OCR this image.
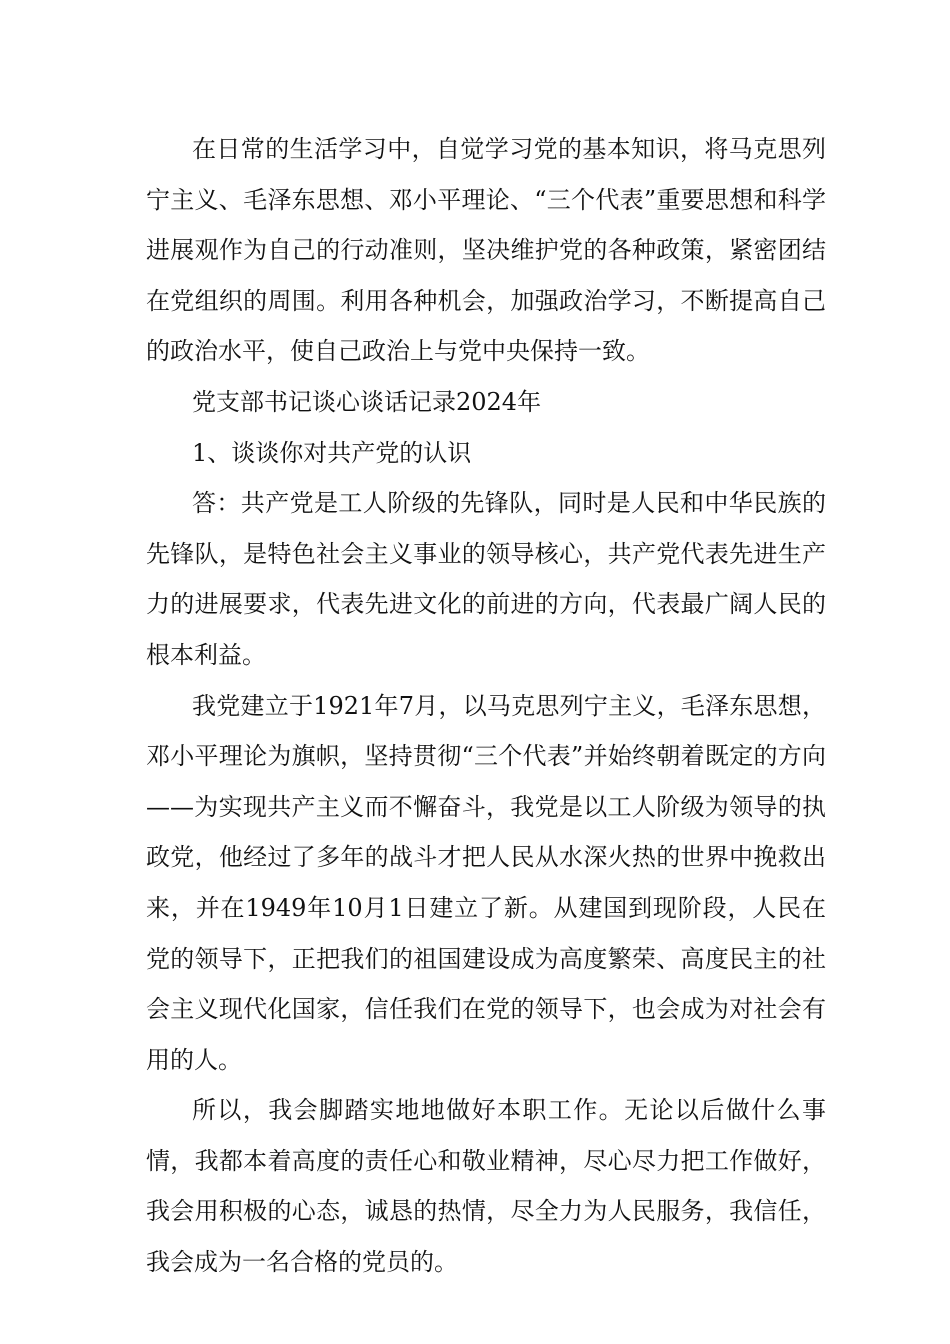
在日常的生活学习中，自觉学习党的基本知识，将马克思列宁主义、毛泽东思想、邓小平理论、“三个代表”重要思想和科学进展观作为自己的行动准则，坚决维护党的各种政策，紧密团结在党组织的周围。利用各种机会，加强政治学习，不断提高自己的政治水平，使自己政治上与党中央保持一致。

党支部书记谈心谈话记录2024年

1、谈谈你对共产党的认识

答：共产党是工人阶级的先锋队，同时是人民和中华民族的先锋队，是特色社会主义事业的领导核心，共产党代表先进生产力的进展要求，代表先进文化的前进的方向，代表最广阔人民的根本利益。

我党建立于1921年7月，以马克思列宁主义，毛泽东思想，邓小平理论为旗帜，坚持贯彻“三个代表”并始终朝着既定的方向——为实现共产主义而不懈奋斗，我党是以工人阶级为领导的执政党，他经过了多年的战斗才把人民从水深火热的世界中挽救出来，并在1949年10月1日建立了新。从建国到现阶段，人民在党的领导下，正把我们的祖国建设成为高度繁荣、高度民主的社会主义现代化国家，信任我们在党的领导下，也会成为对社会有用的人。

所以，我会脚踏实地地做好本职工作。无论以后做什么事情，我都本着高度的责任心和敬业精神，尽心尽力把工作做好，我会用积极的心态，诚恳的热情，尽全力为人民服务，我信任，我会成为一名合格的党员的。
